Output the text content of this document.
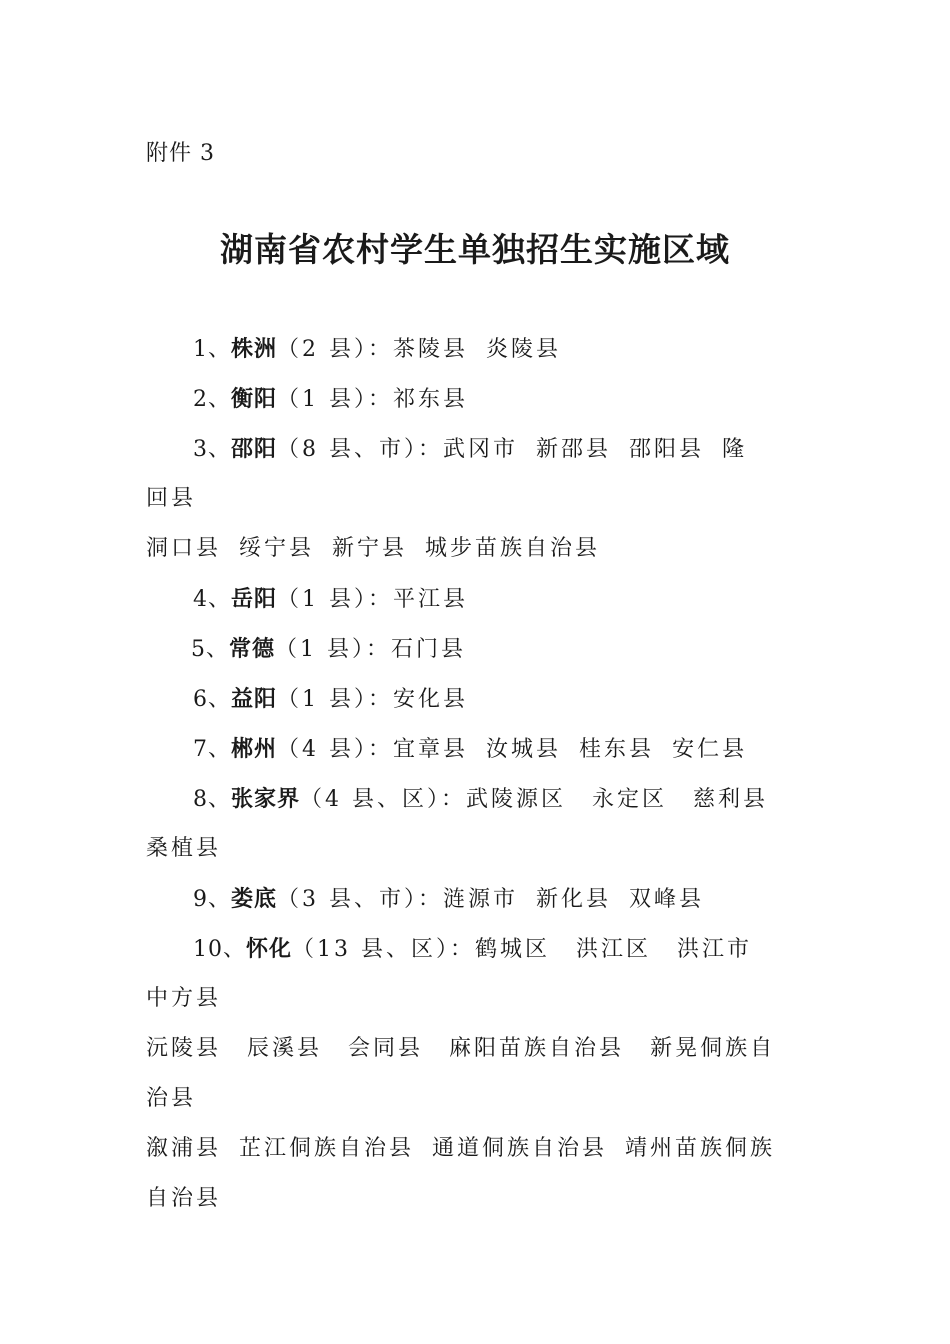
附件 3
湖南省农村学生单独招生实施区域
1、株洲（2 县）：茶陵县 炎陵县
2、衡阳（1 县）：祁东县
3、邵阳（8 县、市）：武冈市 新邵县 邵阳县 隆
回县
洞口县 绥宁县 新宁县 城步苗族自治县
4、岳阳（1 县）：平江县
5、常德（1 县）：石门县
6、益阳（1 县）：安化县
7、郴州（4 县）：宜章县 汝城县 桂东县 安仁县
8、张家界（4 县、区）：武陵源区 永定区 慈利县
桑植县
9、娄底（3 县、市）：涟源市 新化县 双峰县
10、怀化（13 县、区）：鹤城区 洪江区 洪江市
中方县
沅陵县 辰溪县 会同县 麻阳苗族自治县 新晃侗族自
治县
溆浦县 芷江侗族自治县 通道侗族自治县 靖州苗族侗族
自治县
